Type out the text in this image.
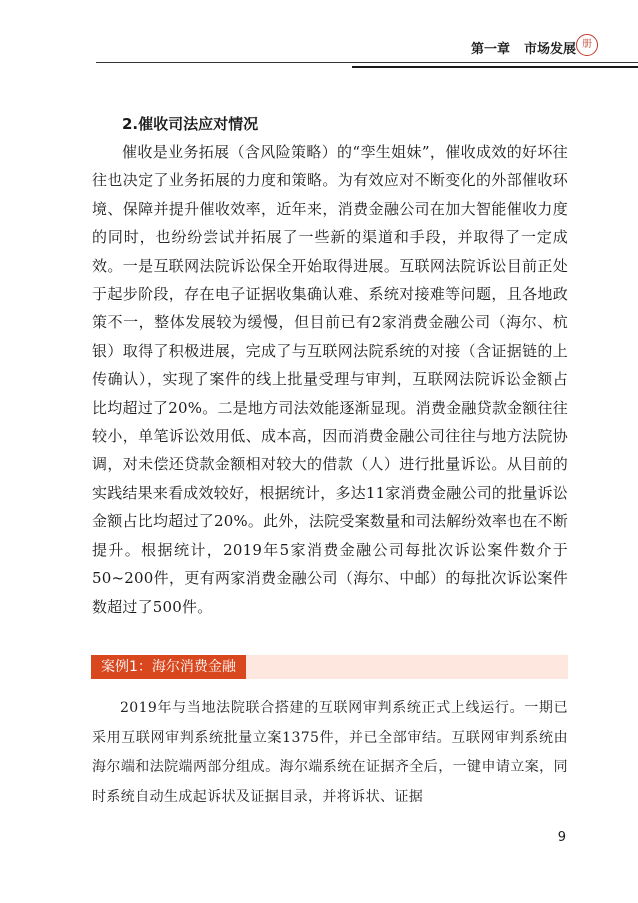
第一章 市场发展 册
2.催收司法应对情况

催收是业务拓展（含风险策略）的“孪生姐妹”，催收成效的好坏往往也决定了业务拓展的力度和策略。为有效应对不断变化的外部催收环境、保障并提升催收效率，近年来，消费金融公司在加大智能催收力度的同时，也纷纷尝试并拓展了一些新的渠道和手段，并取得了一定成效。一是互联网法院诉讼保全开始取得进展。互联网法院诉讼目前正处于起步阶段，存在电子证据收集确认难、系统对接难等问题，且各地政策不一，整体发展较为缓慢，但目前已有2家消费金融公司（海尔、杭银）取得了积极进展，完成了与互联网法院系统的对接（含证据链的上传确认），实现了案件的线上批量受理与审判，互联网法院诉讼金额占比均超过了20%。二是地方司法效能逐渐显现。消费金融贷款金额往往较小，单笔诉讼效用低、成本高，因而消费金融公司往往与地方法院协调，对未偿还贷款金额相对较大的借款（人）进行批量诉讼。从目前的实践结果来看成效较好，根据统计，多达11家消费金融公司的批量诉讼金额占比均超过了20%。此外，法院受案数量和司法解纷效率也在不断提升。根据统计，2019年5家消费金融公司每批次诉讼案件数介于50~200件，更有两家消费金融公司（海尔、中邮）的每批次诉讼案件数超过了500件。

案例1：海尔消费金融

2019年与当地法院联合搭建的互联网审判系统正式上线运行。一期已采用互联网审判系统批量立案1375件，并已全部审结。互联网审判系统由海尔端和法院端两部分组成。海尔端系统在证据齐全后，一键申请立案，同时系统自动生成起诉状及证据目录，并将诉状、证据

9
